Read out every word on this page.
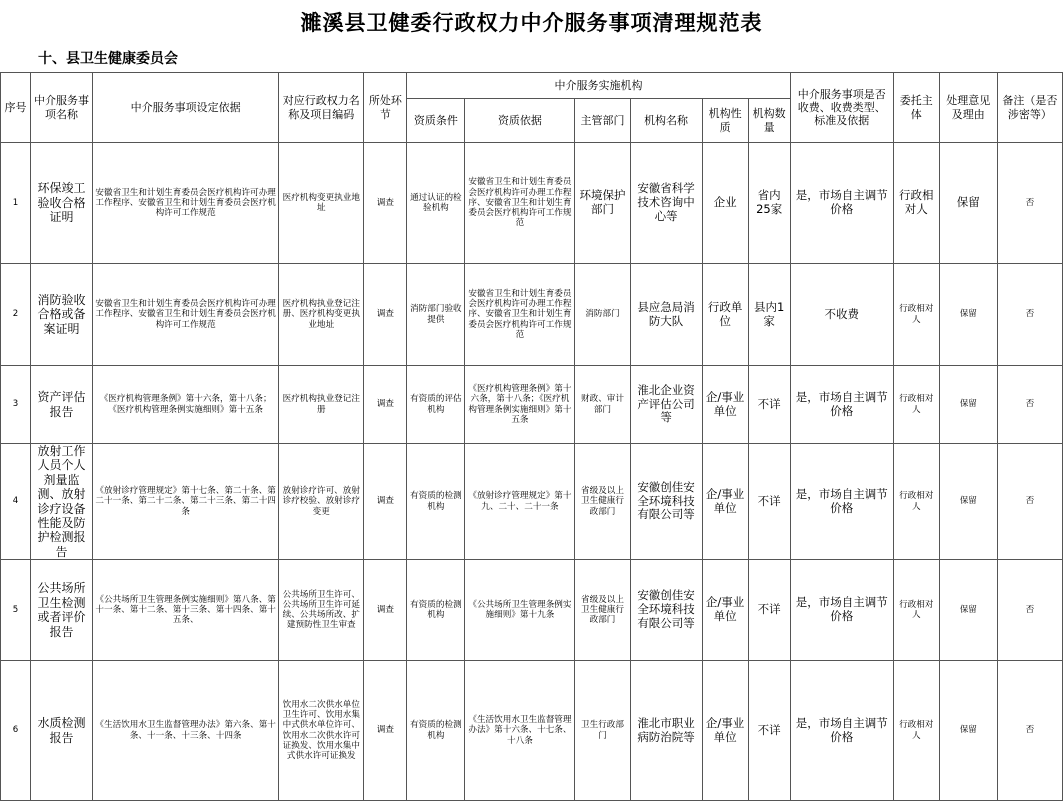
濉溪县卫健委行政权力中介服务事项清理规范表
十、县卫生健康委员会
序号	中介服务事项名称	中介服务事项设定依据	对应行政权力名称及项目编码	所处环节	中介服务实施机构						中介服务事项是否收费、收费类型、标准及依据	委托主体	处理意见及理由	备注（是否涉密等）
					资质条件	资质依据	主管部门	机构名称	机构性质	机构数量				
1	环保竣工验收合格证明	安徽省卫生和计划生育委员会医疗机构许可办理工作程序、安徽省卫生和计划生育委员会医疗机构许可工作规范	医疗机构变更执业地址	调查	通过认证的检验机构	安徽省卫生和计划生育委员会医疗机构许可办理工作程序、安徽省卫生和计划生育委员会医疗机构许可工作规范	环境保护部门	安徽省科学技术咨询中心等	企业	省内25家	是，市场自主调节价格	行政相对人	保留	否
2	消防验收合格或备案证明	安徽省卫生和计划生育委员会医疗机构许可办理工作程序、安徽省卫生和计划生育委员会医疗机构许可工作规范	医疗机构执业登记注册、医疗机构变更执业地址	调查	消防部门验收提供	安徽省卫生和计划生育委员会医疗机构许可办理工作程序、安徽省卫生和计划生育委员会医疗机构许可工作规范	消防部门	县应急局消防大队	行政单位	县内1家	不收费	行政相对人	保留	否
3	资产评估报告	《医疗机构管理条例》第十六条，第十八条；《医疗机构管理条例实施细则》第十五条	医疗机构执业登记注册	调查	有资质的评估机构	《医疗机构管理条例》第十六条，第十八条；《医疗机构管理条例实施细则》第十五条	财政、审计部门	淮北企业资产评估公司等	企/事业单位	不详	是，市场自主调节价格	行政相对人	保留	否
4	放射工作人员个人剂量监测、放射诊疗设备性能及防护检测报告	《放射诊疗管理规定》第十七条、第二十条、第二十一条、第二十二条、第二十三条、第二十四条	放射诊疗许可、放射诊疗校验、放射诊疗变更	调查	有资质的检测机构	《放射诊疗管理规定》第十九、二十、二十一条	省级及以上卫生健康行政部门	安徽创佳安全环境科技有限公司等	企/事业单位	不详	是，市场自主调节价格	行政相对人	保留	否
5	公共场所卫生检测或者评价报告	《公共场所卫生管理条例实施细则》第八条、第十一条、第十二条、第十三条、第十四条、第十五条、	公共场所卫生许可、公共场所卫生许可延续、公共场所改、扩建预防性卫生审查	调查	有资质的检测机构	《公共场所卫生管理条例实施细则》第十九条	省级及以上卫生健康行政部门	安徽创佳安全环境科技有限公司等	企/事业单位	不详	是，市场自主调节价格	行政相对人	保留	否
6	水质检测报告	《生活饮用水卫生监督管理办法》第六条、第十条、十一条、十三条、十四条	饮用水二次供水单位卫生许可、饮用水集中式供水单位许可、饮用水二次供水许可证换发、饮用水集中式供水许可证换发	调查	有资质的检测机构	《生活饮用水卫生监督管理办法》第十六条、十七条、十八条	卫生行政部门	淮北市职业病防治院等	企/事业单位	不详	是，市场自主调节价格	行政相对人	保留	否
